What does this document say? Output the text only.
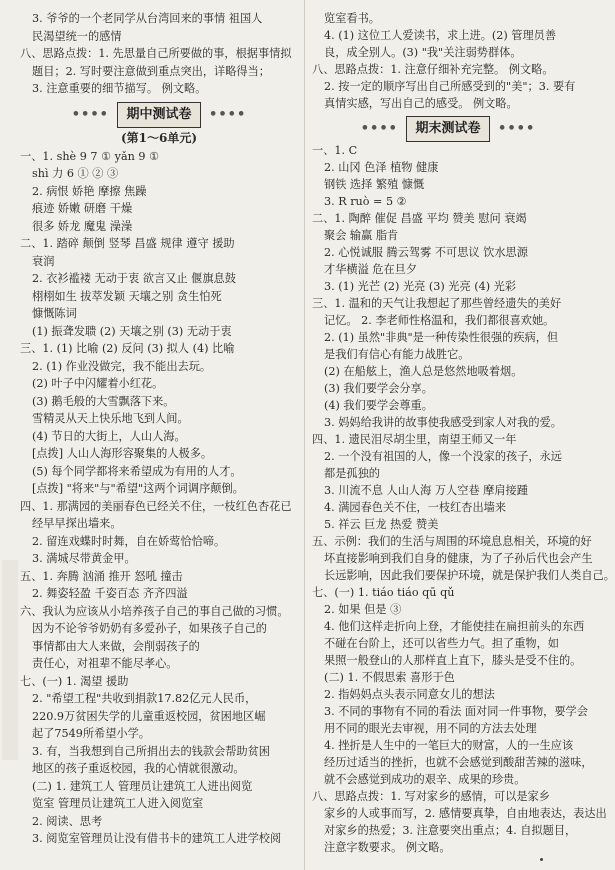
3. 爷爷的一个老同学从台湾回来的事情 祖国人
民渴望统一的感情
八、思路点拨：1. 先思量自己所要做的事，根据事情拟
题目；2. 写时要注意做到重点突出，详略得当；
3. 注意重要的细节描写。 例文略。
•••• 期中测试卷 ••••
(第1～6单元)
一、1. shè 9 7 ① yǎn 9 ①
shì 力 6 ① ② ③
2. 病恨 娇艳 摩擦 焦躁
痕迹 娇嫩 研磨 干燥
很多 娇龙 魔鬼 澡澡
二、1. 踏碎 颠倒 竖琴 昌盛 规律 遵守 援助
衰润
2. 衣衫褴褛 无动于衷 欲言又止 偃旗息鼓
栩栩如生 拔萃发颖 天壤之别 贪生怕死
慷慨陈词
(1) 振聋发聩 (2) 天壤之别 (3) 无动于衷
三、1. (1) 比喻 (2) 反问 (3) 拟人 (4) 比喻
2. (1) 作业没做完，我不能出去玩。
(2) 叶子中闪耀着小红花。
(3) 鹅毛般的大雪飘落下来。
雪精灵从天上快乐地飞到人间。
(4) 节日的大街上，人山人海。
[点拨] 人山人海形容聚集的人极多。
(5) 每个同学都将来希望成为有用的人才。
[点拨] "将来"与"希望"这两个词调序颠倒。
四、1. 那满园的美丽春色已经关不住，一枝红色杏花已
经早早探出墙来。
2. 留连戏蝶时时舞，自在娇莺恰恰啼。
3. 满城尽带黄金甲。
五、1. 奔腾 汹涌 推开 怒吼 撞击
2. 舞姿轻盈 千姿百态 齐齐四溢
六、我认为应该从小培养孩子自己的事自己做的习惯。
因为不论爷爷奶奶有多爱孙子，如果孩子自己的
事情都由大人来做，会削弱孩子的
责任心，对祖辈不能尽孝心。
七、(一) 1. 渴望 援助
2. "希望工程"共收到捐款17.82亿元人民币，
220.9万贫困失学的儿童重返校园，贫困地区崛
起了7549所希望小学。
3. 有，当我想到自己所捐出去的钱款会帮助贫困
地区的孩子重返校园，我的心情就很激动。
(二) 1. 建筑工人 管理员让建筑工人进出阅览
览室 管理员让建筑工人进入阅览室
2. 阅读、思考
3. 阅览室管理员让没有借书卡的建筑工人进学校阅
览室看书。
4. (1) 这位工人爱读书，求上进。(2) 管理员善
良，成全别人。(3) "我"关注弱势群体。
八、思路点拨：1. 注意仔细补充完整。 例文略。
2. 按一定的顺序写出自己所感受到的"美"；3. 要有
真情实感，写出自己的感受。 例文略。
•••• 期末测试卷 ••••
一、1. C
2. 山冈 色泽 植物 健康
钢铁 选择 繁殖 慷慨
3. R ruò = 5 ②
二、1. 陶醉 催促 昌盛 平均 赞美 慰问 衰竭
聚会 输赢 脂肯
2. 心悦诚服 腾云驾雾 不可思议 饮水思源
才华横溢 危在旦夕
3. (1) 光芒 (2) 光亮 (3) 光亮 (4) 光彩
三、1. 温和的天气让我想起了那些曾经遗失的美好
记忆。 2. 李老师性格温和，我们都很喜欢她。
2. (1) 虽然"非典"是一种传染性很强的疾病，但
是我们有信心有能力战胜它。
(2) 在船舷上，渔人总是悠然地吸着烟。
(3) 我们要学会分享。
(4) 我们要学会尊重。
3. 妈妈给我讲的故事使我感受到家人对我的爱。
四、1. 遗民泪尽胡尘里，南望王师又一年
2. 一个没有祖国的人，像一个没家的孩子，永远
都是孤独的
3. 川流不息 人山人海 万人空巷 摩肩接踵
4. 满园春色关不住，一枝红杏出墙来
5. 祥云 巨龙 热爱 赞美
五、示例：我们的生活与周围的环境息息相关，环境的好
坏直接影响到我们自身的健康，为了子孙后代也会产生
长远影响，因此我们要保护环境，就是保护我们人类自己。
七、(一) 1. tiáo tiáo qū qǔ
2. 如果 但是 ③
4. 他们这样走折向上登，才能使挂在扁担前头的东西
不碰在台阶上，还可以省些力气。担了重物，如
果照一般登山的人那样直上直下，膝头是受不住的。
(二) 1. 不假思索 喜形于色
2. 指妈妈点头表示同意女儿的想法
3. 不同的事物有不同的看法 面对同一件事物，要学会
用不同的眼光去审视，用不同的方法去处理
4. 挫折是人生中的一笔巨大的财富，人的一生应该
经历过适当的挫折，也就不会感觉到酸甜苦辣的滋味，
就不会感觉到成功的艰辛、成果的珍贵。
八、思路点拨：1. 写对家乡的感情，可以是家乡
家乡的人或事而写，2. 感情要真挚，自由地表达，表达出
对家乡的热爱；3. 注意要突出重点；4. 自拟题目，
注意字数要求。 例文略。
